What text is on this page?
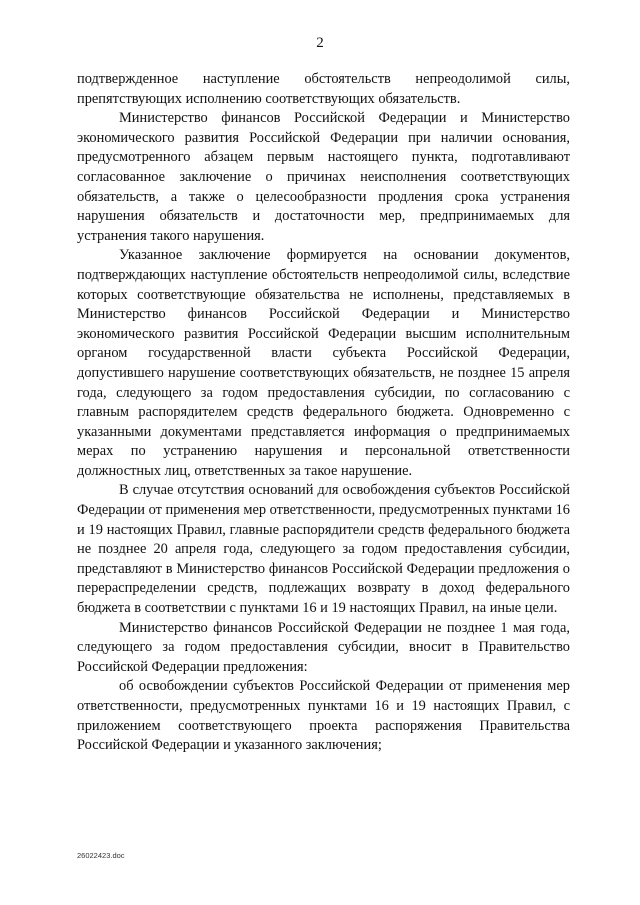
2

подтвержденное наступление обстоятельств непреодолимой силы, препятствующих исполнению соответствующих обязательств.

Министерство финансов Российской Федерации и Министерство экономического развития Российской Федерации при наличии основания, предусмотренного абзацем первым настоящего пункта, подготавливают согласованное заключение о причинах неисполнения соответствующих обязательств, а также о целесообразности продления срока устранения нарушения обязательств и достаточности мер, предпринимаемых для устранения такого нарушения.

Указанное заключение формируется на основании документов, подтверждающих наступление обстоятельств непреодолимой силы, вследствие которых соответствующие обязательства не исполнены, представляемых в Министерство финансов Российской Федерации и Министерство экономического развития Российской Федерации высшим исполнительным органом государственной власти субъекта Российской Федерации, допустившего нарушение соответствующих обязательств, не позднее 15 апреля года, следующего за годом предоставления субсидии, по согласованию с главным распорядителем средств федерального бюджета. Одновременно с указанными документами представляется информация о предпринимаемых мерах по устранению нарушения и персональной ответственности должностных лиц, ответственных за такое нарушение.

В случае отсутствия оснований для освобождения субъектов Российской Федерации от применения мер ответственности, предусмотренных пунктами 16 и 19 настоящих Правил, главные распорядители средств федерального бюджета не позднее 20 апреля года, следующего за годом предоставления субсидии, представляют в Министерство финансов Российской Федерации предложения о перераспределении средств, подлежащих возврату в доход федерального бюджета в соответствии с пунктами 16 и 19 настоящих Правил, на иные цели.

Министерство финансов Российской Федерации не позднее 1 мая года, следующего за годом предоставления субсидии, вносит в Правительство Российской Федерации предложения:

об освобождении субъектов Российской Федерации от применения мер ответственности, предусмотренных пунктами 16 и 19 настоящих Правил, с приложением соответствующего проекта распоряжения Правительства Российской Федерации и указанного заключения;

26022423.doc
